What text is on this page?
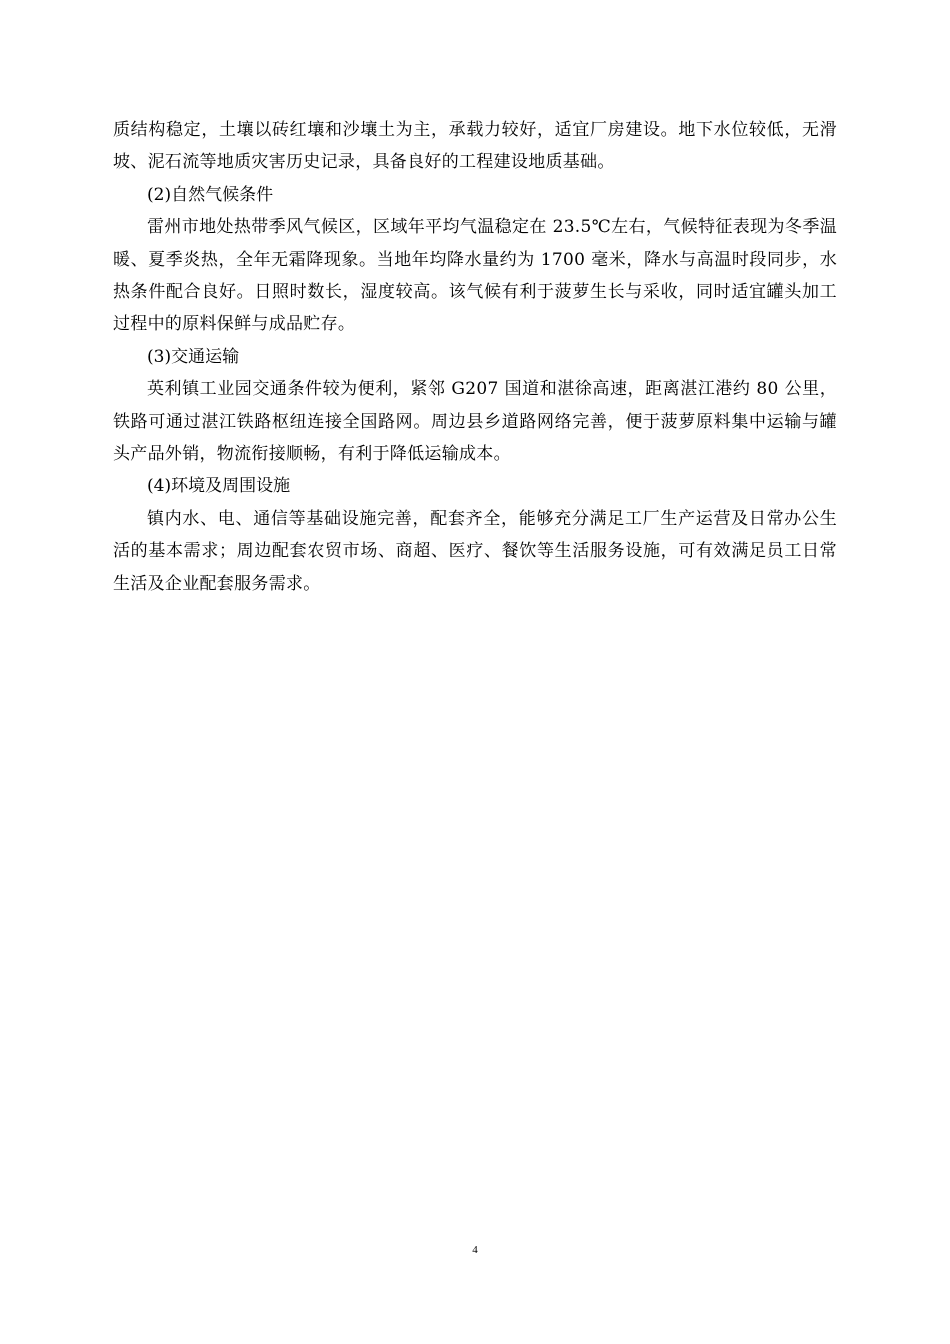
质结构稳定，土壤以砖红壤和沙壤土为主，承载力较好，适宜厂房建设。地下水位较低，无滑坡、泥石流等地质灾害历史记录，具备良好的工程建设地质基础。

(2)自然气候条件

雷州市地处热带季风气候区，区域年平均气温稳定在 23.5℃左右，气候特征表现为冬季温暖、夏季炎热，全年无霜降现象。当地年均降水量约为 1700 毫米，降水与高温时段同步，水热条件配合良好。日照时数长，湿度较高。该气候有利于菠萝生长与采收，同时适宜罐头加工过程中的原料保鲜与成品贮存。

(3)交通运输

英利镇工业园交通条件较为便利，紧邻 G207 国道和湛徐高速，距离湛江港约 80 公里，铁路可通过湛江铁路枢纽连接全国路网。周边县乡道路网络完善，便于菠萝原料集中运输与罐头产品外销，物流衔接顺畅，有利于降低运输成本。

(4)环境及周围设施

镇内水、电、通信等基础设施完善，配套齐全，能够充分满足工厂生产运营及日常办公生活的基本需求；周边配套农贸市场、商超、医疗、餐饮等生活服务设施，可有效满足员工日常生活及企业配套服务需求。

4
